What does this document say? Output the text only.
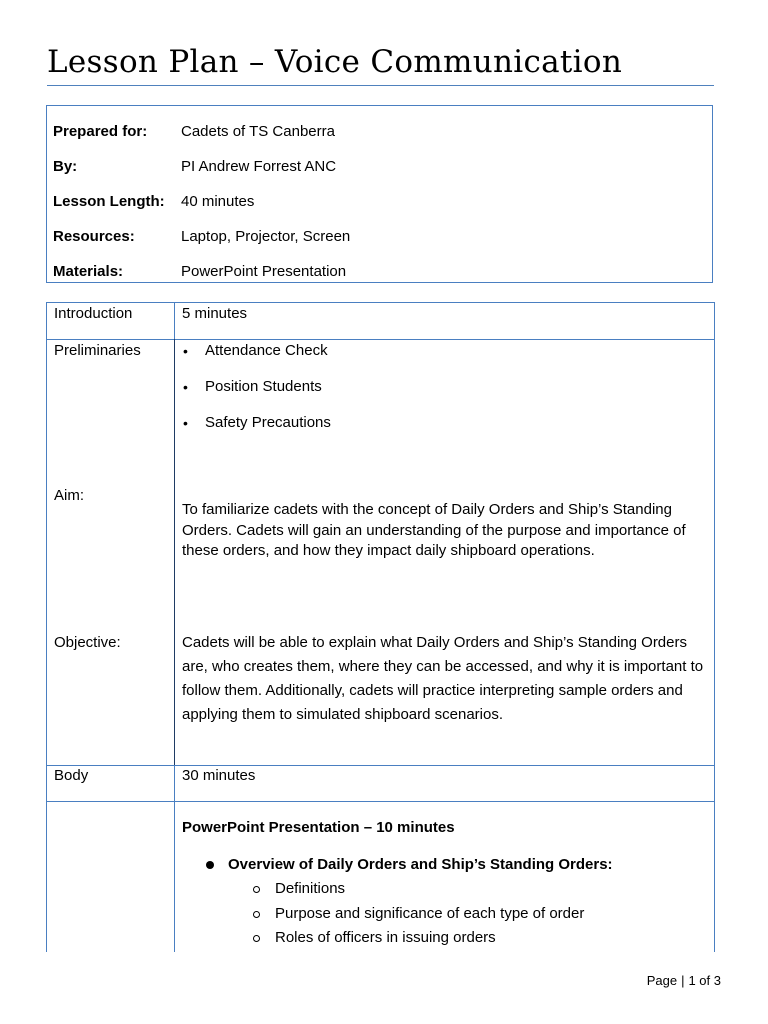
Lesson Plan – Voice Communication
Prepared for: Cadets of TS Canberra
By:	PI Andrew Forrest ANC
Lesson Length: 40 minutes
Resources:	Laptop, Projector, Screen
Materials:	PowerPoint Presentation
Introduction	5 minutes
Preliminaries	• Attendance Check
• Position Students
• Safety Precautions
Aim:
To familiarize cadets with the concept of Daily Orders and Ship’s Standing Orders. Cadets will gain an understanding of the purpose and importance of these orders, and how they impact daily shipboard operations.
Objective:	Cadets will be able to explain what Daily Orders and Ship’s Standing Orders are, who creates them, where they can be accessed, and why it is important to follow them. Additionally, cadets will practice interpreting sample orders and applying them to simulated shipboard scenarios.
Body	30 minutes
PowerPoint Presentation – 10 minutes
Overview of Daily Orders and Ship’s Standing Orders:
Definitions
Purpose and significance of each type of order
Roles of officers in issuing orders
Page | 1 of 3
